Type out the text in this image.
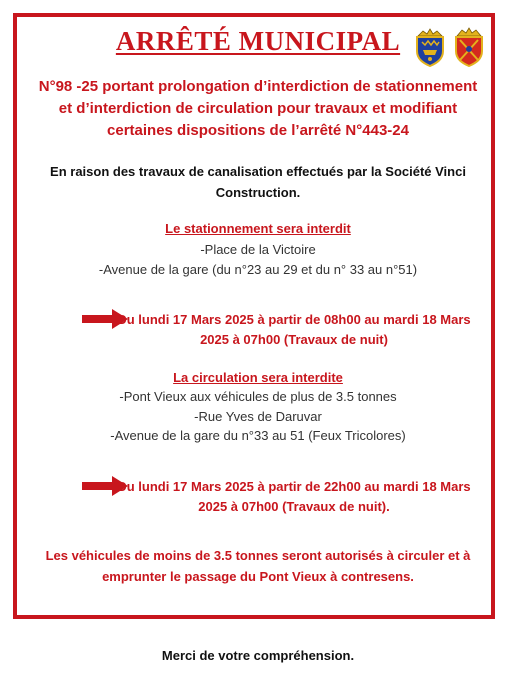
ARRÊTÉ MUNICIPAL
N°98 -25 portant prolongation d’interdiction de stationnement et d’interdiction de circulation pour travaux et modifiant certaines dispositions de l’arrêté N°443-24
En raison des travaux de canalisation effectués par la Société Vinci Construction.
Le stationnement sera interdit
-Place de la Victoire
-Avenue de la gare (du n°23 au 29 et du n° 33 au n°51)
Du lundi 17 Mars 2025 à partir de 08h00 au mardi 18 Mars 2025 à 07h00 (Travaux de nuit)
La circulation sera interdite
-Pont Vieux aux véhicules de plus de 3.5 tonnes
-Rue Yves de Daruvar
-Avenue de la gare du n°33 au 51 (Feux Tricolores)
Du lundi 17 Mars 2025 à partir de 22h00 au mardi 18 Mars 2025 à 07h00 (Travaux de nuit).
Les véhicules de moins de 3.5 tonnes seront autorisés à circuler et à emprunter le passage du Pont Vieux à contresens.
Merci de votre compréhension.
